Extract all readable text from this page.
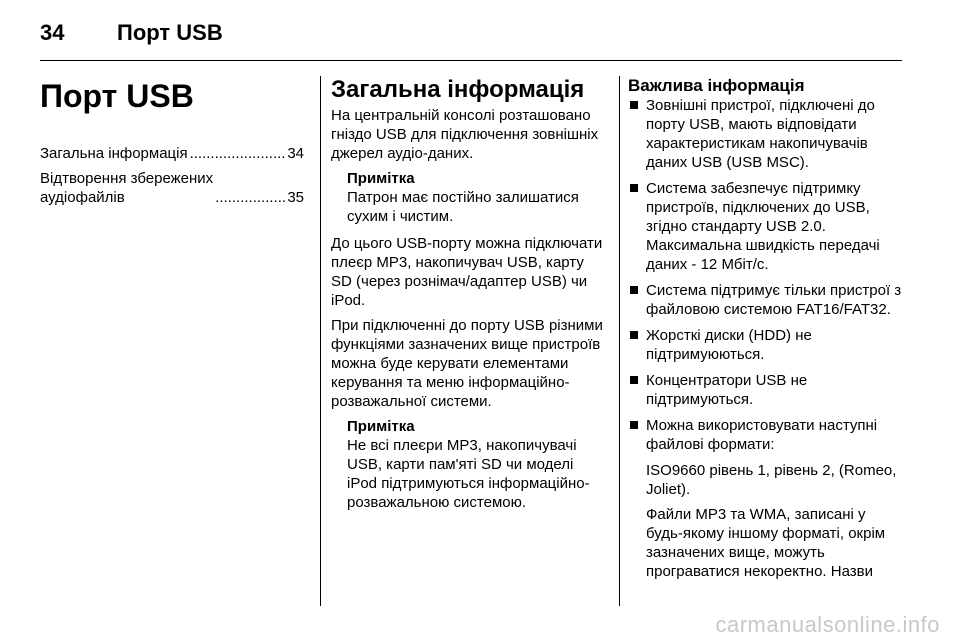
34 Порт USB
Порт USB
Загальна інформація .....	34
Відтворення збережених
аудіофайлів .....	35
Загальна інформація

На центральній консолі розташовано гніздо USB для підключення зовнішніх джерел аудіо-даних.

Примітка
Патрон має постійно залишатися сухим і чистим.

До цього USB-порту можна підключати плеєр MP3, накопичувач USB, карту SD (через рознімач/адаптер USB) чи iPod.

При підключенні до порту USB різними функціями зазначених вище пристроїв можна буде керувати елементами керування та меню інформаційно-розважальної системи.

Примітка
Не всі плеєри MP3, накопичувачі USB, карти пам'яті SD чи моделі iPod підтримуються інформаційно-розважальною системою.
Важлива інформація
Зовнішні пристрої, підключені до порту USB, мають відповідати характеристикам накопичувачів даних USB (USB MSC).
Система забезпечує підтримку пристроїв, підключених до USB, згідно стандарту USB 2.0. Максимальна швидкість передачі даних - 12 Мбіт/с.
Система підтримує тільки пристрої з файловою системою FAT16/FAT32.
Жорсткі диски (HDD) не підтримуюються.
Концентратори USB не підтримуються.
Можна використовувати наступні файлові формати:

ISO9660 рівень 1, рівень 2, (Romeo, Joliet).

Файли MP3 та WMA, записані у будь-якому іншому форматі, окрім зазначених вище, можуть програватися некоректно. Назви

carmanualsonline.info
